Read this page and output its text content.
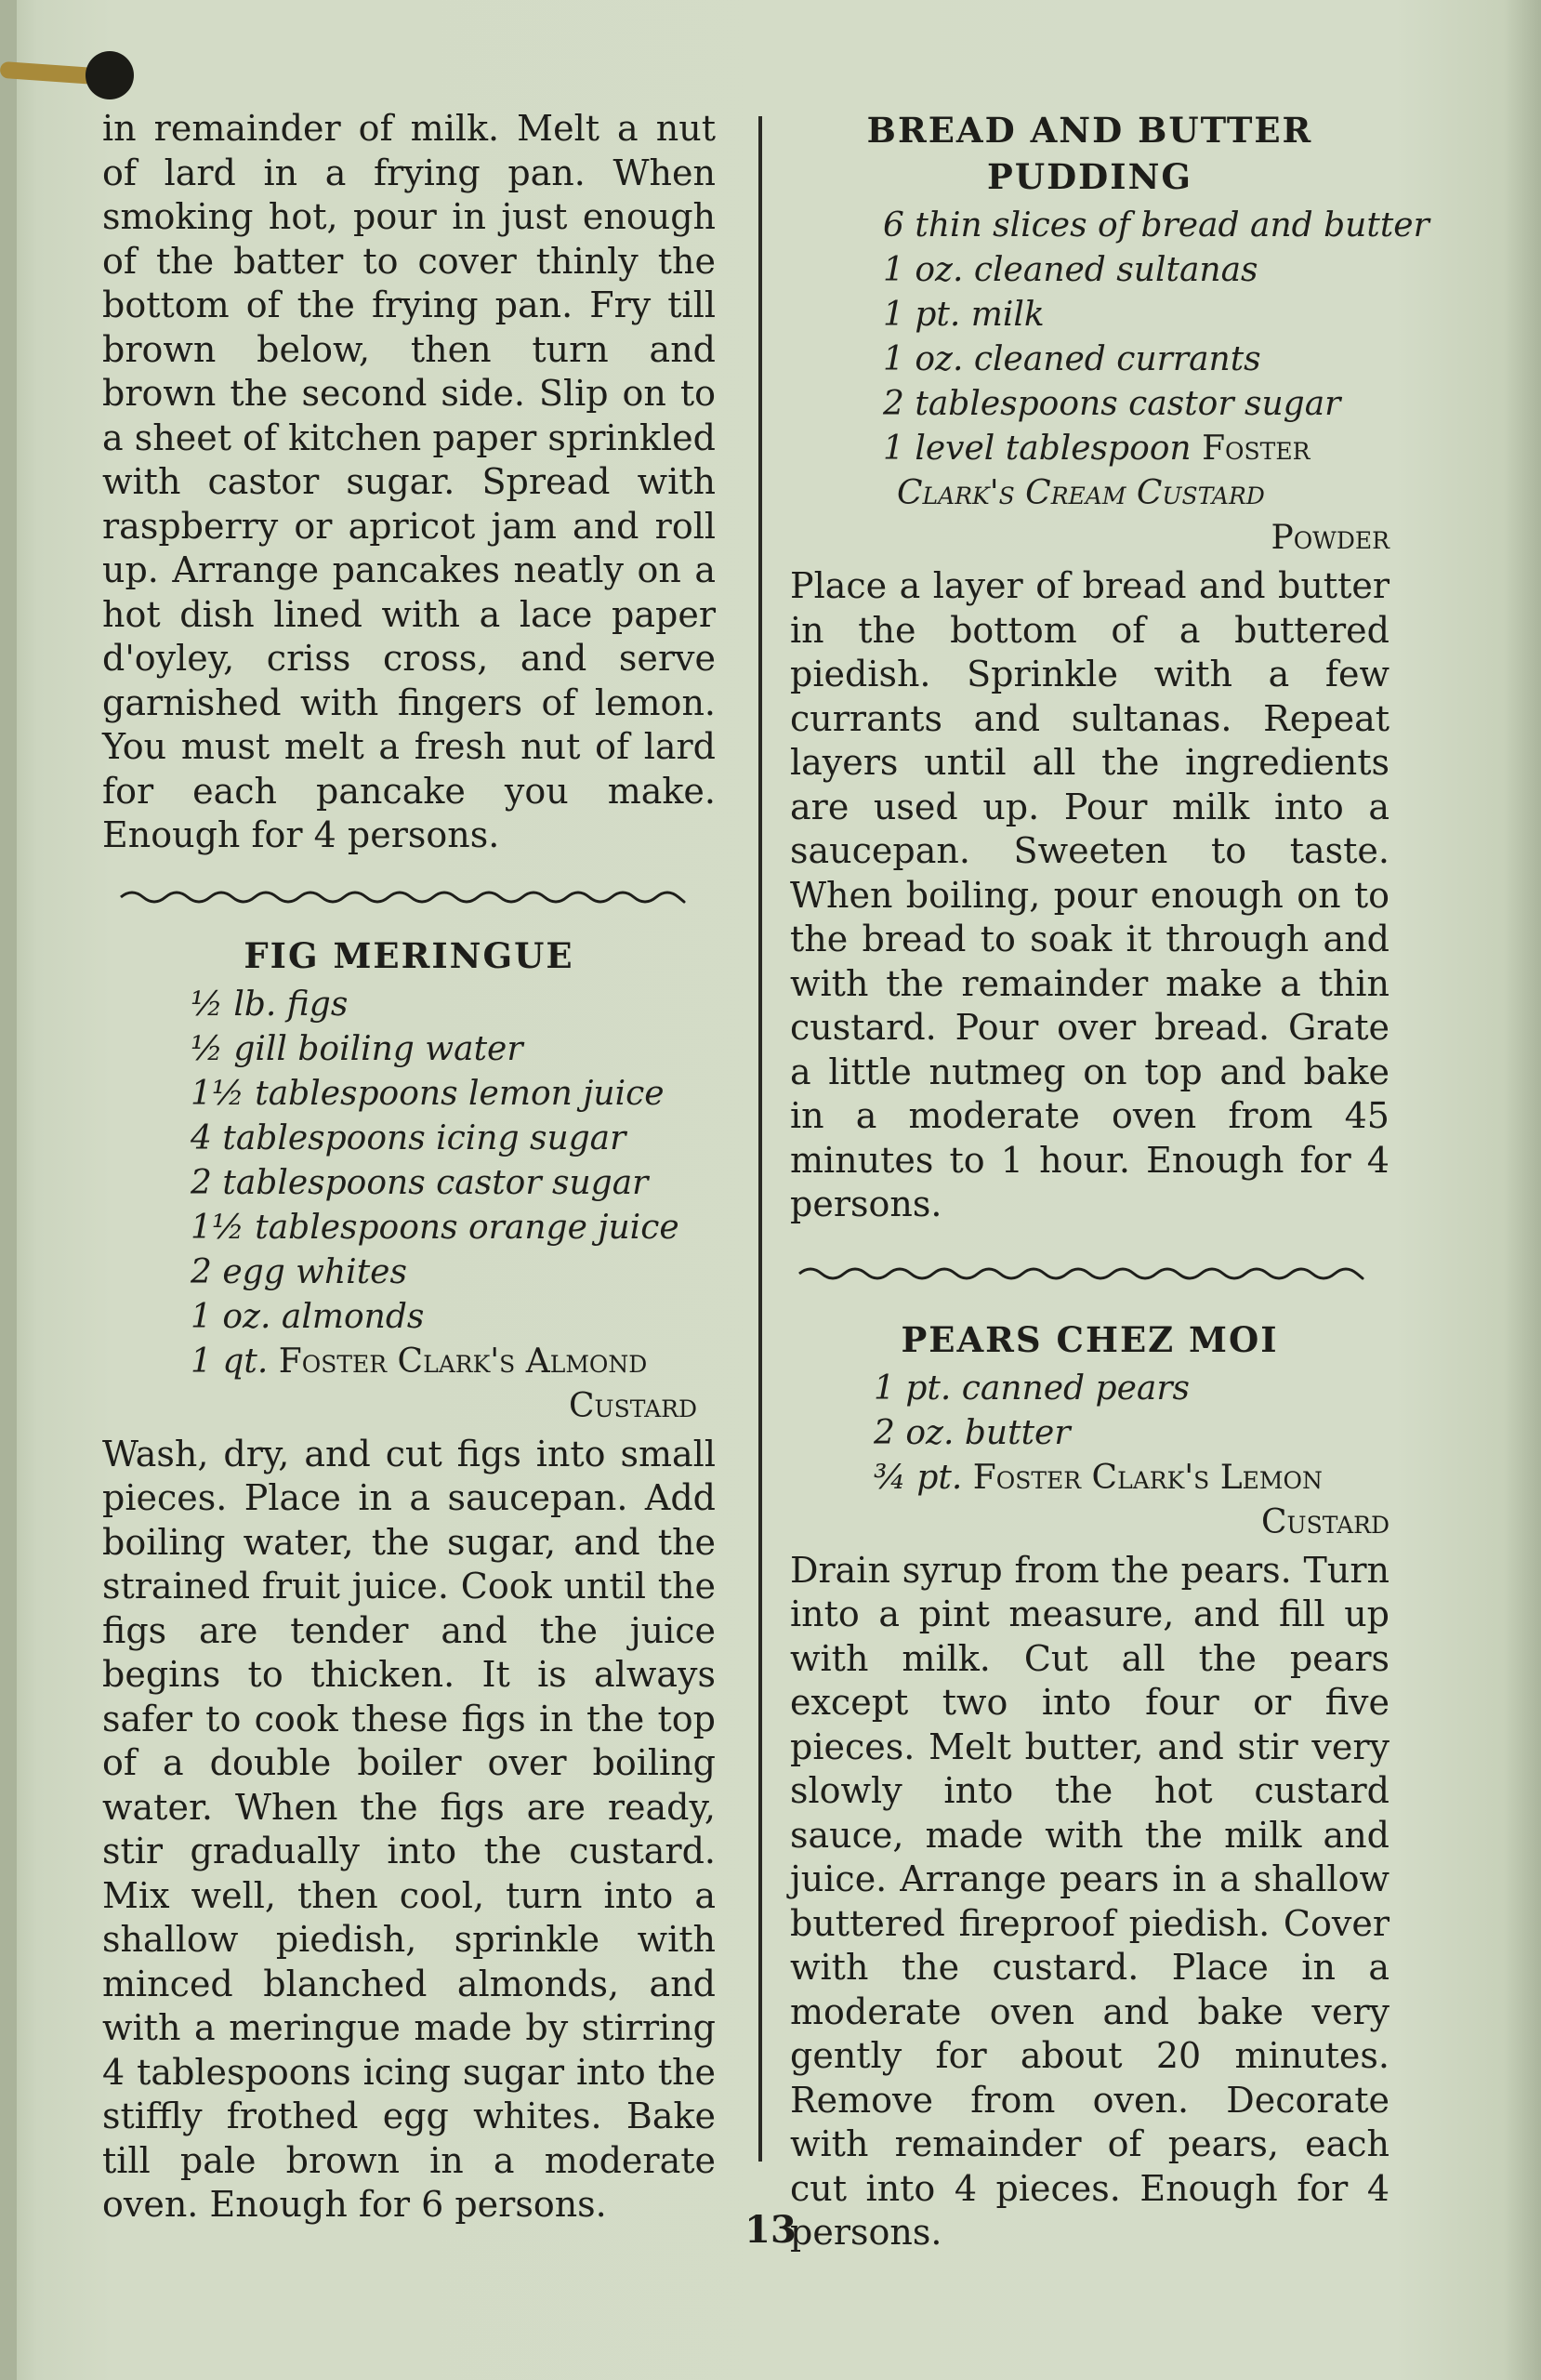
in remainder of milk. Melt a nut of lard in a frying pan. When smoking hot, pour in just enough of the batter to cover thinly the bottom of the frying pan. Fry till brown below, then turn and brown the second side. Slip on to a sheet of kitchen paper sprinkled with castor sugar. Spread with raspberry or apricot jam and roll up. Arrange pancakes neatly on a hot dish lined with a lace paper d'oyley, criss cross, and serve garnished with fingers of lemon. You must melt a fresh nut of lard for each pancake you make. Enough for 4 persons.

FIG MERINGUE
½ lb. figs
½ gill boiling water
1½ tablespoons lemon juice
4 tablespoons icing sugar
2 tablespoons castor sugar
1½ tablespoons orange juice
2 egg whites
1 oz. almonds
1 qt. Foster Clark's Almond
Custard

Wash, dry, and cut figs into small pieces. Place in a saucepan. Add boiling water, the sugar, and the strained fruit juice. Cook until the figs are tender and the juice begins to thicken. It is always safer to cook these figs in the top of a double boiler over boiling water. When the figs are ready, stir gradually into the custard. Mix well, then cool, turn into a shallow piedish, sprinkle with minced blanched almonds, and with a meringue made by stirring 4 tablespoons icing sugar into the stiffly frothed egg whites. Bake till pale brown in a moderate oven. Enough for 6 persons.

BREAD AND BUTTER
PUDDING
6 thin slices of bread and butter
1 oz. cleaned sultanas
1 pt. milk
1 oz. cleaned currants
2 tablespoons castor sugar
1 level tablespoon Foster
Clark's Cream Custard
Powder

Place a layer of bread and butter in the bottom of a buttered piedish. Sprinkle with a few currants and sultanas. Repeat layers until all the ingredients are used up. Pour milk into a saucepan. Sweeten to taste. When boiling, pour enough on to the bread to soak it through and with the remainder make a thin custard. Pour over bread. Grate a little nutmeg on top and bake in a moderate oven from 45 minutes to 1 hour. Enough for 4 persons.

PEARS CHEZ MOI
1 pt. canned pears
2 oz. butter
¾ pt. Foster Clark's Lemon
Custard

Drain syrup from the pears. Turn into a pint measure, and fill up with milk. Cut all the pears except two into four or five pieces. Melt butter, and stir very slowly into the hot custard sauce, made with the milk and juice. Arrange pears in a shallow buttered fireproof piedish. Cover with the custard. Place in a moderate oven and bake very gently for about 20 minutes. Remove from oven. Decorate with remainder of pears, each cut into 4 pieces. Enough for 4 persons.

13
